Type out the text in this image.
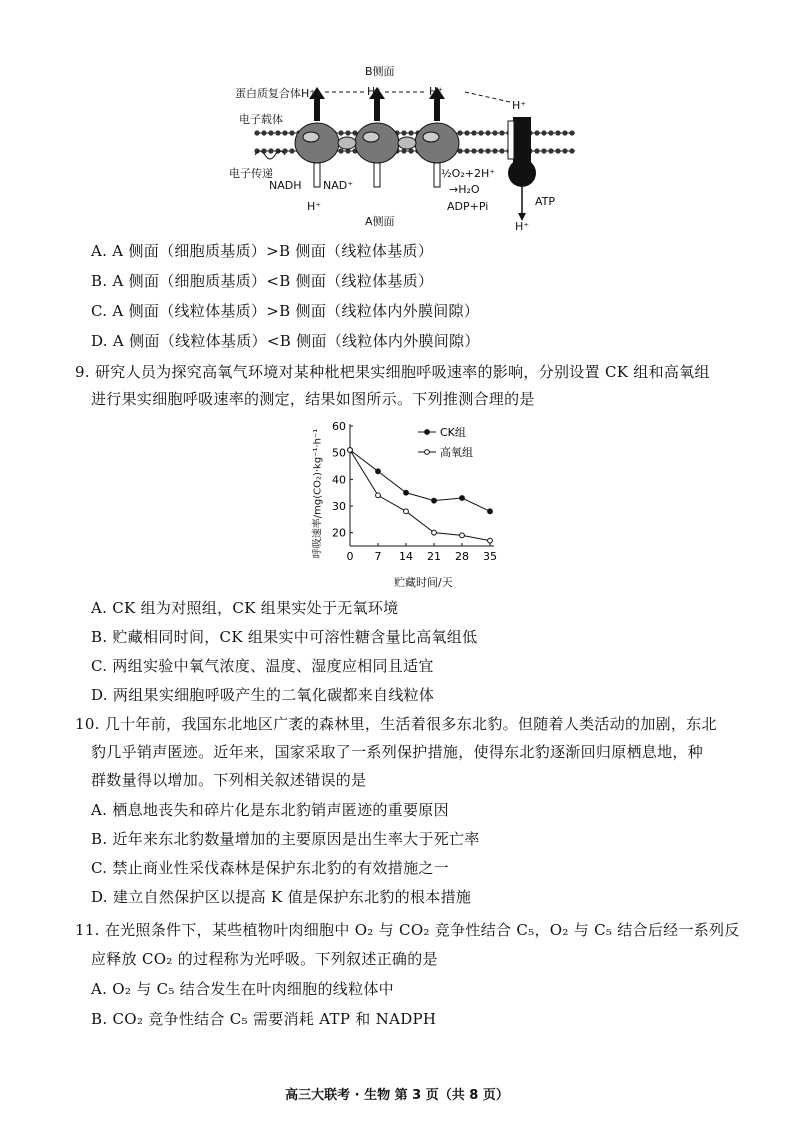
B侧面
蛋白质复合体H⁺	H⁺	H⁺
H⁺
电子载体
电子传递
NADH NAD⁺
H⁺
½O₂+2H⁺
→H₂O
ADP+Pi	ATP
A侧面	H⁺
A. A 侧面（细胞质基质）>B 侧面（线粒体基质）
B. A 侧面（细胞质基质）<B 侧面（线粒体基质）
C. A 侧面（线粒体基质）>B 侧面（线粒体内外膜间隙）
D. A 侧面（线粒体基质）<B 侧面（线粒体内外膜间隙）
9. 研究人员为探究高氧气环境对某种枇杷果实细胞呼吸速率的影响，分别设置 CK 组和高氧组
进行果实细胞呼吸速率的测定，结果如图所示。下列推测合理的是
20
30
40
50
60
0 7 14 21 28 35
CK组
高氧组
呼吸速率/mg(CO₂)·kg⁻¹·h⁻¹
贮藏时间/天
A. CK 组为对照组，CK 组果实处于无氧环境
B. 贮藏相同时间，CK 组果实中可溶性糖含量比高氧组低
C. 两组实验中氧气浓度、温度、湿度应相同且适宜
D. 两组果实细胞呼吸产生的二氧化碳都来自线粒体
10. 几十年前，我国东北地区广袤的森林里，生活着很多东北豹。但随着人类活动的加剧，东北
豹几乎销声匿迹。近年来，国家采取了一系列保护措施，使得东北豹逐渐回归原栖息地，种
群数量得以增加。下列相关叙述错误的是
A. 栖息地丧失和碎片化是东北豹销声匿迹的重要原因
B. 近年来东北豹数量增加的主要原因是出生率大于死亡率
C. 禁止商业性采伐森林是保护东北豹的有效措施之一
D. 建立自然保护区以提高 K 值是保护东北豹的根本措施
11. 在光照条件下，某些植物叶肉细胞中 O₂ 与 CO₂ 竞争性结合 C₅，O₂ 与 C₅ 结合后经一系列反
应释放 CO₂ 的过程称为光呼吸。下列叙述正确的是
A. O₂ 与 C₅ 结合发生在叶肉细胞的线粒体中
B. CO₂ 竞争性结合 C₅ 需要消耗 ATP 和 NADPH
高三大联考 · 生物 第 3 页（共 8 页）
